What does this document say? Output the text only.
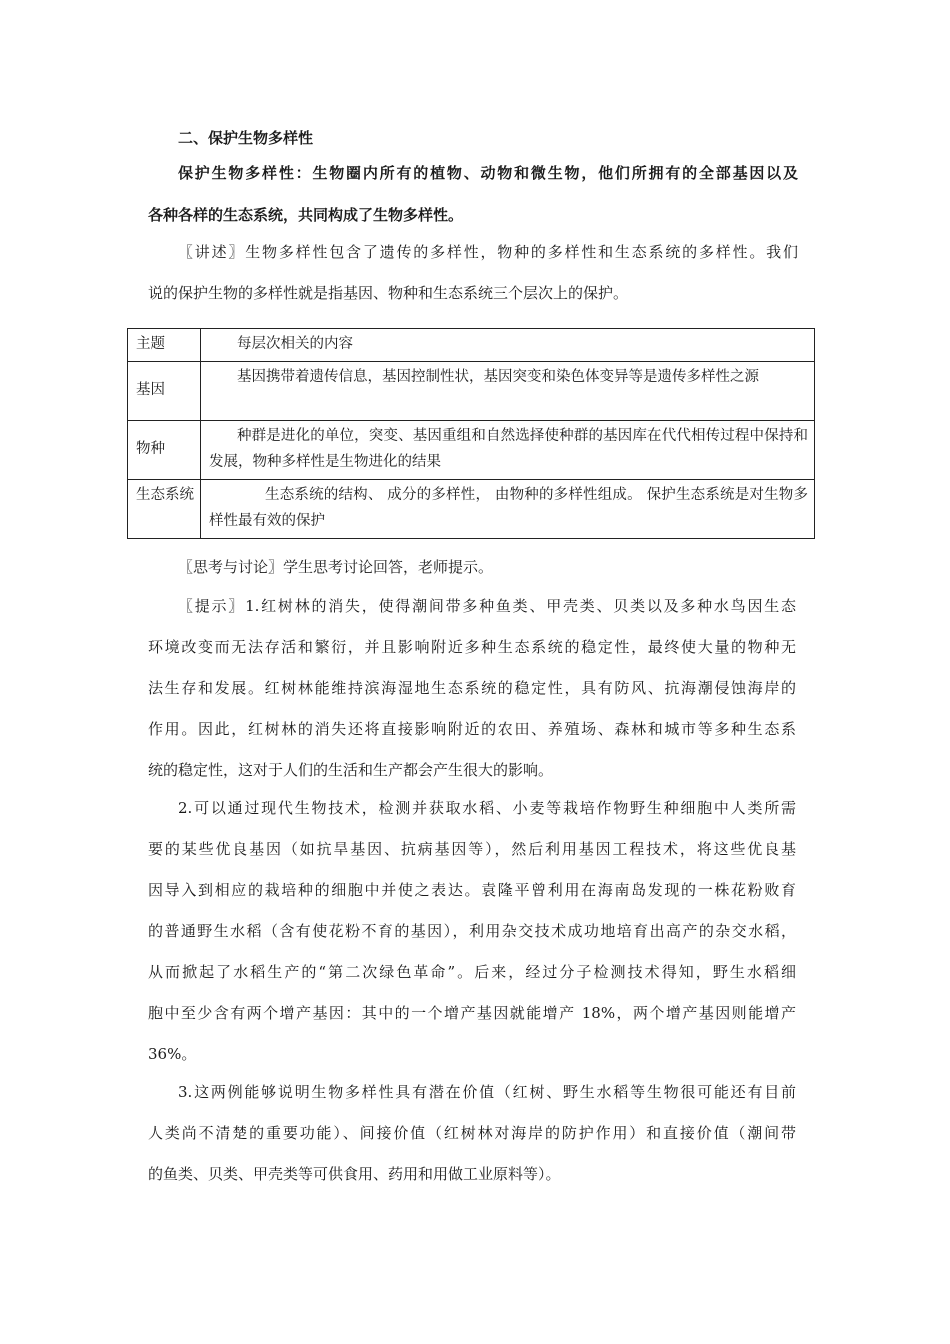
二、保护生物多样性
保护生物多样性：生物圈内所有的植物、动物和微生物，他们所拥有的全部基因以及
各种各样的生态系统，共同构成了生物多样性。
〖讲述〗生物多样性包含了遗传的多样性，物种的多样性和生态系统的多样性。我们
说的保护生物的多样性就是指基因、物种和生态系统三个层次上的保护。
主题	每层次相关的内容

基因	基因携带着遗传信息，基因控制性状，基因突变和染色体变异等是遗传多样性之源

物种	种群是进化的单位，突变、基因重组和自然选择使种群的基因库在代代相传过程中保持和发展，物种多样性是生物进化的结果

生态系统	生态系统的结构、 成分的多样性， 由物种的多样性组成。 保护生态系统是对生物多样性最有效的保护

〖思考与讨论〗学生思考讨论回答，老师提示。
〖提示〗1.红树林的消失，使得潮间带多种鱼类、甲壳类、贝类以及多种水鸟因生态
环境改变而无法存活和繁衍，并且影响附近多种生态系统的稳定性，最终使大量的物种无
法生存和发展。红树林能维持滨海湿地生态系统的稳定性，具有防风、抗海潮侵蚀海岸的
作用。因此，红树林的消失还将直接影响附近的农田、养殖场、森林和城市等多种生态系
统的稳定性，这对于人们的生活和生产都会产生很大的影响。
2.可以通过现代生物技术，检测并获取水稻、小麦等栽培作物野生种细胞中人类所需
要的某些优良基因（如抗旱基因、抗病基因等），然后利用基因工程技术，将这些优良基
因导入到相应的栽培种的细胞中并使之表达。袁隆平曾利用在海南岛发现的一株花粉败育
的普通野生水稻（含有使花粉不育的基因），利用杂交技术成功地培育出高产的杂交水稻，
从而掀起了水稻生产的“第二次绿色革命”。后来，经过分子检测技术得知，野生水稻细
胞中至少含有两个增产基因：其中的一个增产基因就能增产 18%，两个增产基因则能增产
36%。
3.这两例能够说明生物多样性具有潜在价值（红树、野生水稻等生物很可能还有目前
人类尚不清楚的重要功能）、间接价值（红树林对海岸的防护作用）和直接价值（潮间带
的鱼类、贝类、甲壳类等可供食用、药用和用做工业原料等）。
